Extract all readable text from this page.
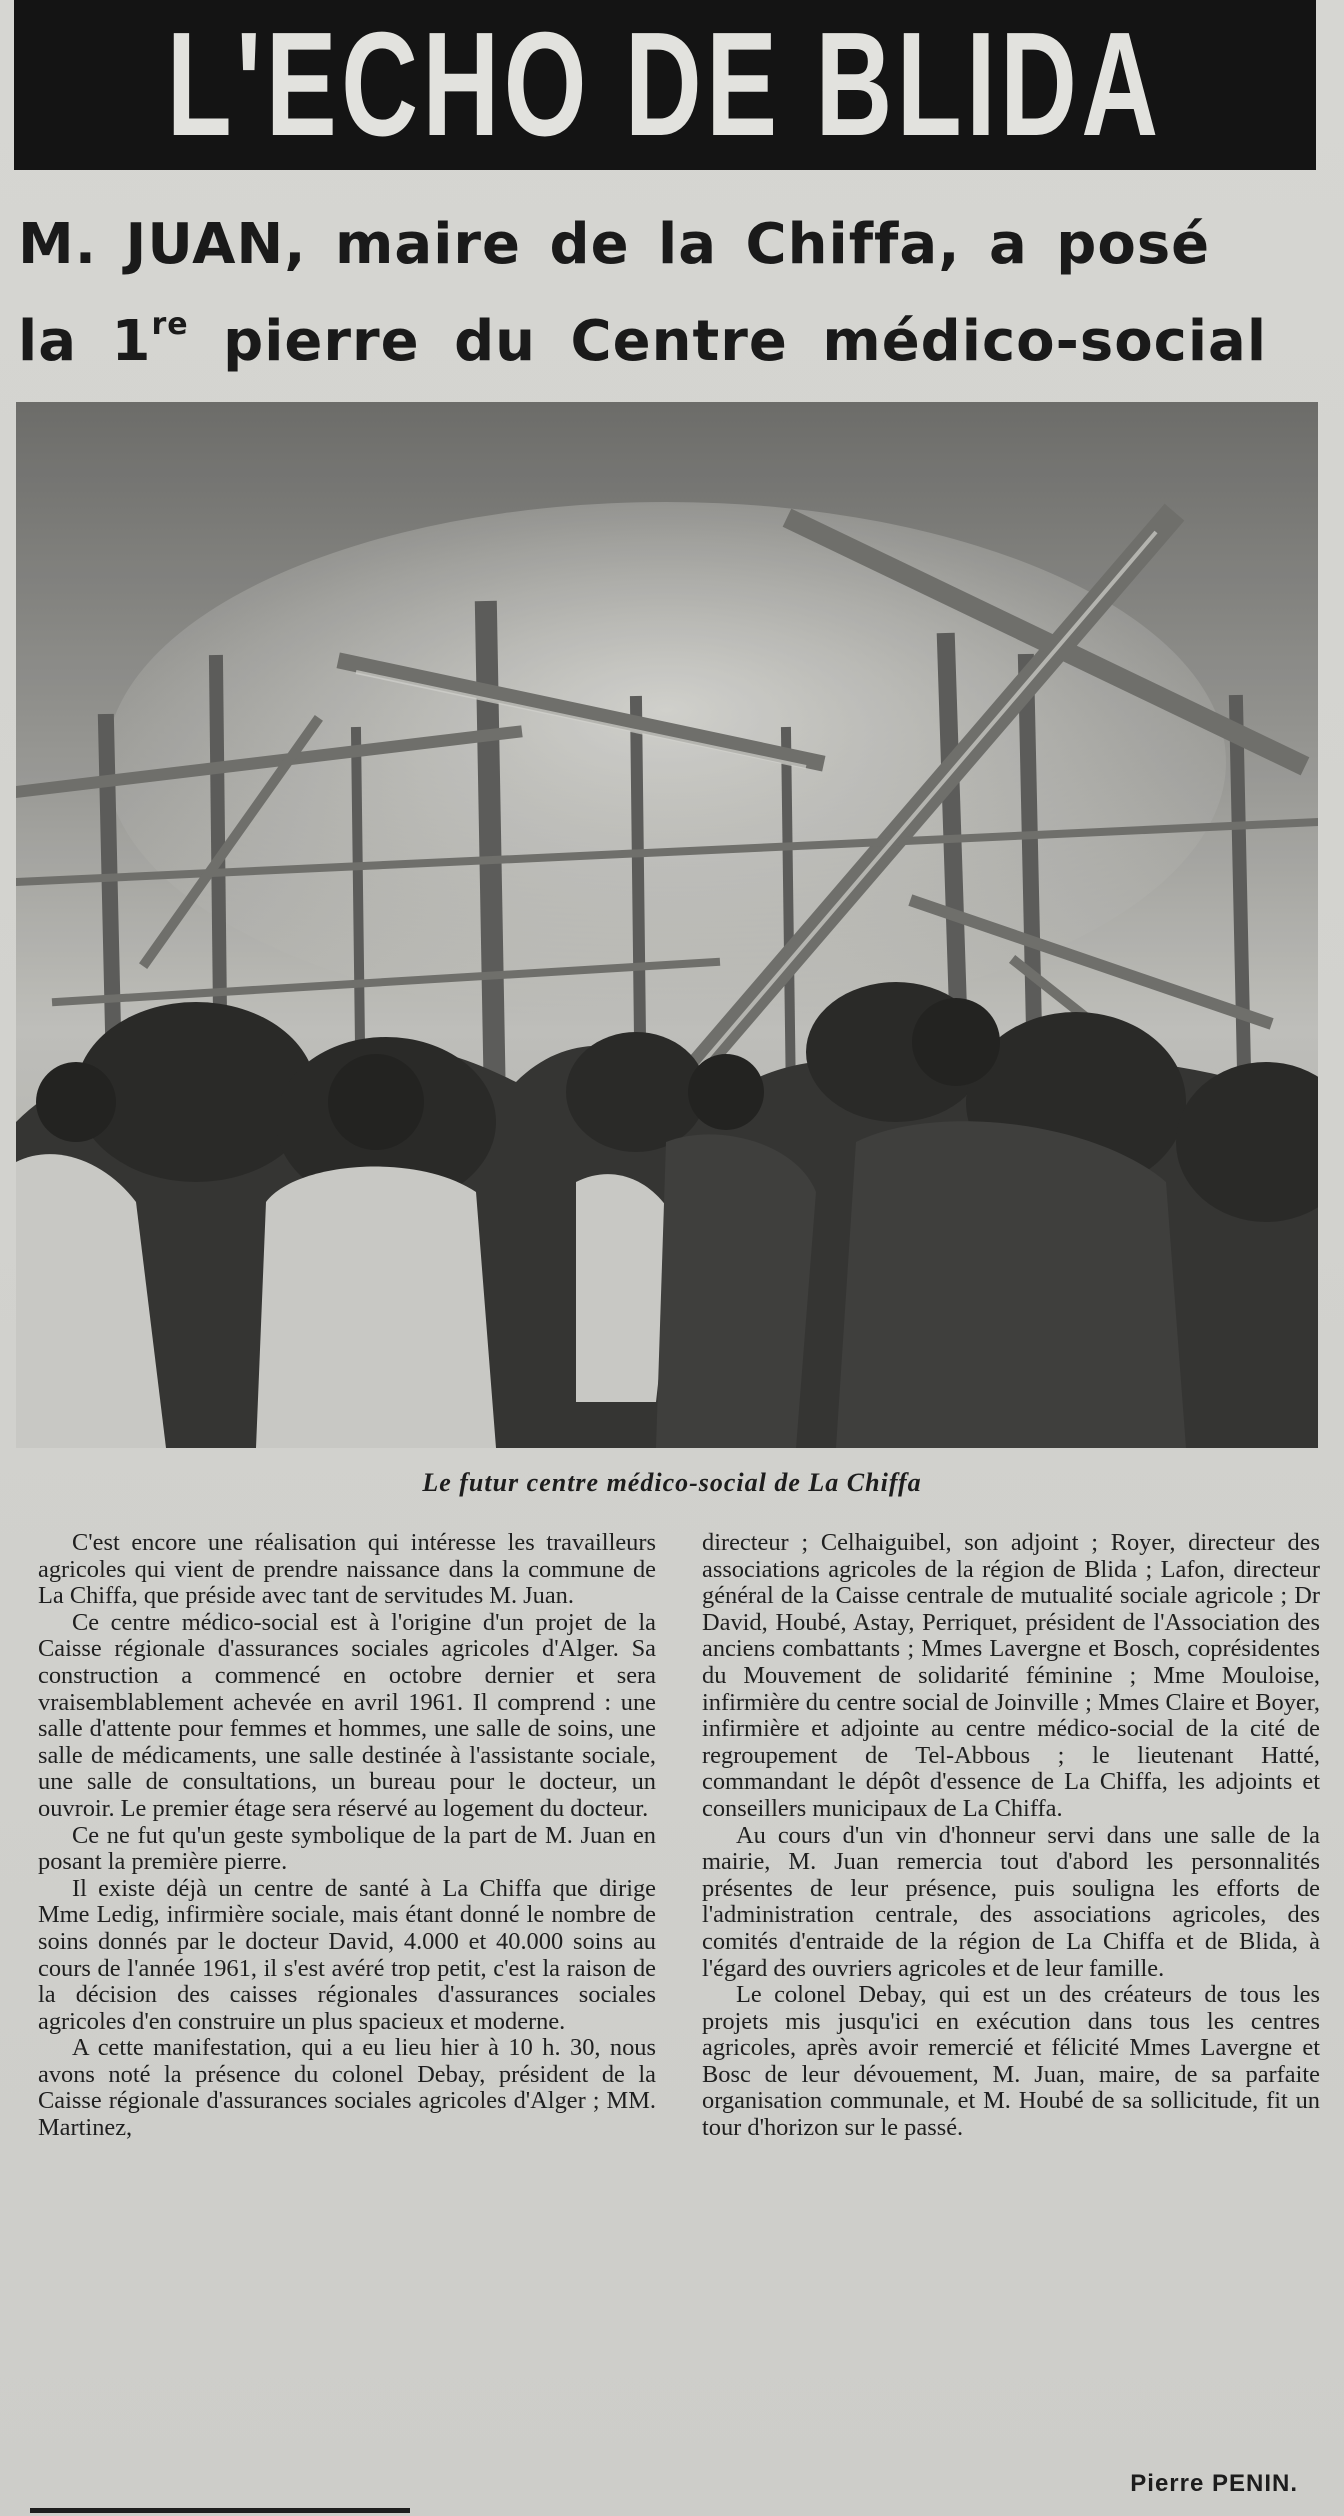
L'ECHO DE BLIDA
M. JUAN, maire de la Chiffa, a posé
la 1re pierre du Centre médico-social
Le futur centre médico-social de La Chiffa

C'est encore une réalisation qui intéresse les travailleurs agricoles qui vient de prendre naissance dans la commune de La Chiffa, que préside avec tant de servitudes M. Juan.

Ce centre médico-social est à l'origine d'un projet de la Caisse régionale d'assurances sociales agricoles d'Alger. Sa construction a commencé en octobre dernier et sera vraisemblablement achevée en avril 1961. Il comprend : une salle d'attente pour femmes et hommes, une salle de soins, une salle de médicaments, une salle destinée à l'assistante sociale, une salle de consultations, un bureau pour le docteur, un ouvroir. Le premier étage sera réservé au logement du docteur.

Ce ne fut qu'un geste symbolique de la part de M. Juan en posant la première pierre.

Il existe déjà un centre de santé à La Chiffa que dirige Mme Ledig, infirmière sociale, mais étant donné le nombre de soins donnés par le docteur David, 4.000 et 40.000 soins au cours de l'année 1961, il s'est avéré trop petit, c'est la raison de la décision des caisses régionales d'assurances sociales agricoles d'en construire un plus spacieux et moderne.

A cette manifestation, qui a eu lieu hier à 10 h. 30, nous avons noté la présence du colonel Debay, président de la Caisse régionale d'assurances sociales agricoles d'Alger ; MM. Martinez,

directeur ; Celhaiguibel, son adjoint ; Royer, directeur des associations agricoles de la région de Blida ; Lafon, directeur général de la Caisse centrale de mutualité sociale agricole ; Dr David, Houbé, Astay, Perriquet, président de l'Association des anciens combattants ; Mmes Lavergne et Bosch, coprésidentes du Mouvement de solidarité féminine ; Mme Mouloise, infirmière du centre social de Joinville ; Mmes Claire et Boyer, infirmière et adjointe au centre médico-social de la cité de regroupement de Tel-Abbous ; le lieutenant Hatté, commandant le dépôt d'essence de La Chiffa, les adjoints et conseillers municipaux de La Chiffa.

Au cours d'un vin d'honneur servi dans une salle de la mairie, M. Juan remercia tout d'abord les personnalités présentes de leur présence, puis souligna les efforts de l'administration centrale, des associations agricoles, des comités d'entraide de la région de La Chiffa et de Blida, à l'égard des ouvriers agricoles et de leur famille.

Le colonel Debay, qui est un des créateurs de tous les projets mis jusqu'ici en exécution dans tous les centres agricoles, après avoir remercié et félicité Mmes Lavergne et Bosc de leur dévouement, M. Juan, maire, de sa parfaite organisation communale, et M. Houbé de sa sollicitude, fit un tour d'horizon sur le passé.

Pierre PENIN.
